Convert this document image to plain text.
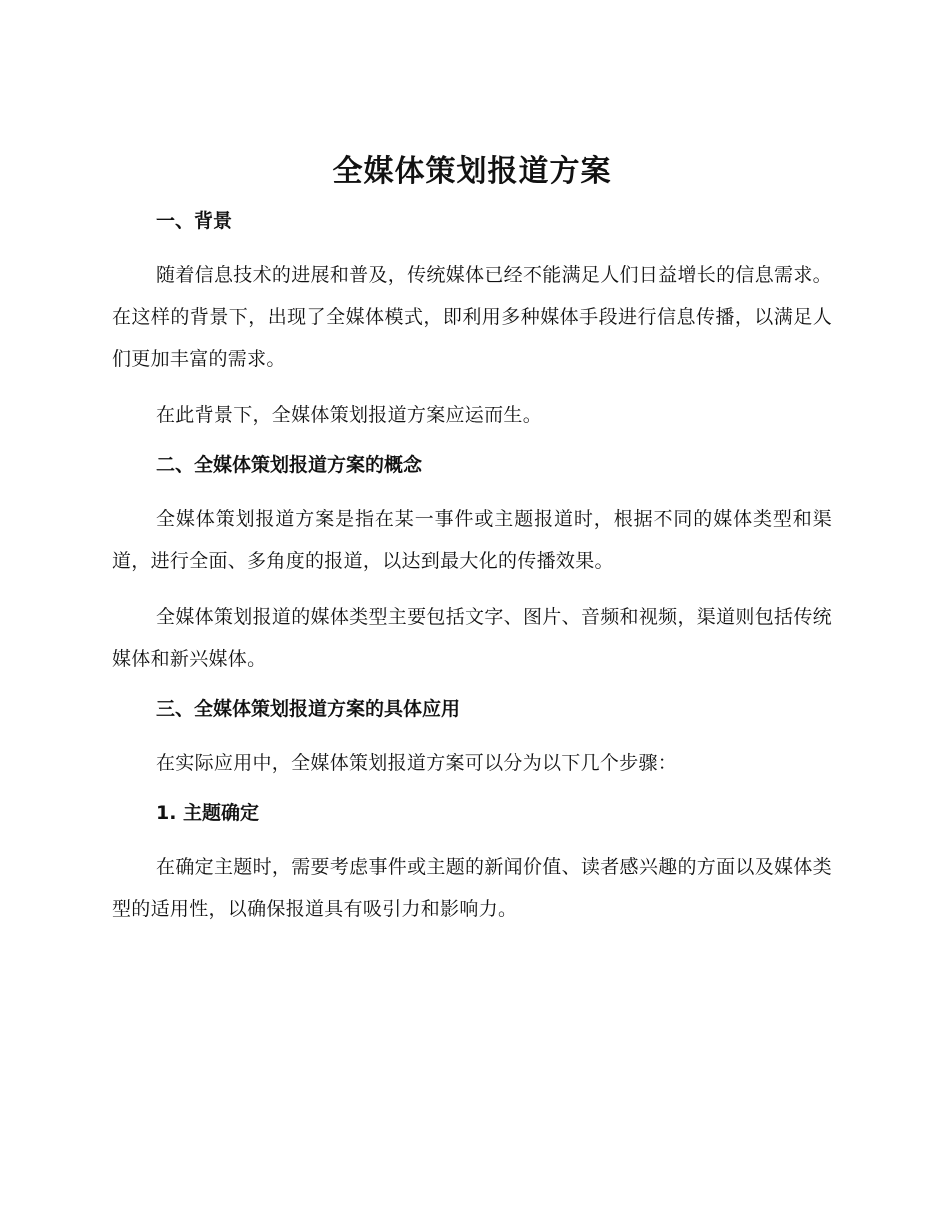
全媒体策划报道方案
一、背景

随着信息技术的进展和普及，传统媒体已经不能满足人们日益增长的信息需求。在这样的背景下，出现了全媒体模式，即利用多种媒体手段进行信息传播，以满足人们更加丰富的需求。

在此背景下，全媒体策划报道方案应运而生。

二、全媒体策划报道方案的概念

全媒体策划报道方案是指在某一事件或主题报道时，根据不同的媒体类型和渠道，进行全面、多角度的报道，以达到最大化的传播效果。

全媒体策划报道的媒体类型主要包括文字、图片、音频和视频，渠道则包括传统媒体和新兴媒体。

三、全媒体策划报道方案的具体应用

在实际应用中，全媒体策划报道方案可以分为以下几个步骤：

1. 主题确定

在确定主题时，需要考虑事件或主题的新闻价值、读者感兴趣的方面以及媒体类型的适用性，以确保报道具有吸引力和影响力。
